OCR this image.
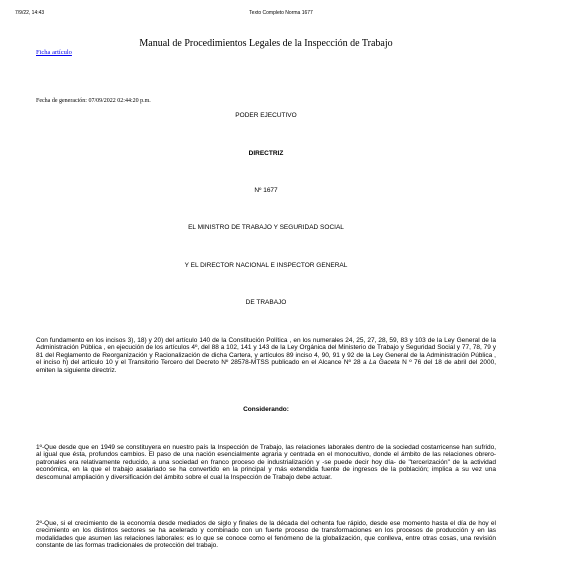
7/9/22, 14:43	Texto Completo Norma 1677
Manual de Procedimientos Legales de la Inspección de Trabajo
Ficha artículo
Fecha de generación: 07/09/2022 02:44:20 p.m.
PODER EJECUTIVO
DIRECTRIZ
Nº 1677
EL MINISTRO DE TRABAJO Y SEGURIDAD SOCIAL
Y EL DIRECTOR NACIONAL E INSPECTOR GENERAL
DE TRABAJO
Con fundamento en los incisos 3), 18) y 20) del artículo 140 de la Constitución Política , en los numerales 24, 25, 27, 28, 59, 83 y 103 de la Ley General de la Administración Pública , en ejecución de los artículos 4º, del 88 a 102, 141 y 143 de la Ley Orgánica del Ministerio de Trabajo y Seguridad Social y 77, 78, 79 y 81 del Reglamento de Reorganización y Racionalización de dicha Cartera, y artículos 89 inciso 4, 90, 91 y 92 de la Ley General de la Administración Pública , el inciso h) del artículo 10 y el Transitorio Tercero del Decreto Nº 28578-MTSS publicado en el Alcance Nº 28 a La Gaceta N º 76 del 18 de abril del 2000, emiten la siguiente directriz.
Considerando:
1º-Que desde que en 1949 se constituyera en nuestro país la Inspección de Trabajo, las relaciones laborales dentro de la sociedad costarricense han sufrido, al igual que ésta, profundos cambios. El paso de una nación esencialmente agraria y centrada en el monocultivo, donde el ámbito de las relaciones obrero-patronales era relativamente reducido, a una sociedad en franco proceso de industrialización y -se puede decir hoy día- de "tercerización" de la actividad económica, en la que el trabajo asalariado se ha convertido en la principal y más extendida fuente de ingresos de la población; implica a su vez una descomunal ampliación y diversificación del ámbito sobre el cual la Inspección de Trabajo debe actuar.
2º-Que, si el crecimiento de la economía desde mediados de siglo y finales de la década del ochenta fue rápido, desde ese momento hasta el día de hoy el crecimiento en los distintos sectores se ha acelerado y combinado con un fuerte proceso de transformaciones en los procesos de producción y en las modalidades que asumen las relaciones laborales: es lo que se conoce como el fenómeno de la globalización, que conlleva, entre otras cosas, una revisión constante de las formas tradicionales de protección del trabajo.
